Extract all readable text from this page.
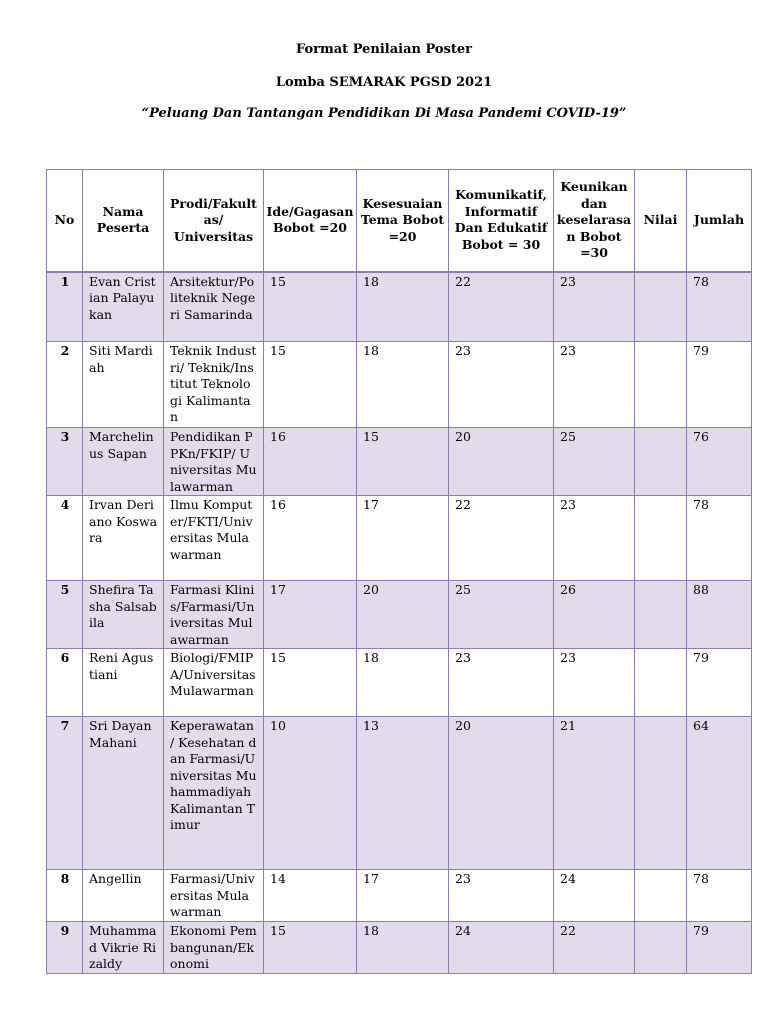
Format Penilaian Poster
Lomba SEMARAK PGSD 2021
“Peluang Dan Tantangan Pendidikan Di Masa Pandemi COVID-19”
No	Nama Peserta	Prodi/Fakultas/ Universitas	Ide/Gagasan Bobot =20	Kesesuaian Tema Bobot =20	Komunikatif, Informatif Dan Edukatif Bobot = 30	Keunikan dan keselarasan Bobot =30	Nilai	Jumlah
1	Evan Cristian Palayukan	Arsitektur/Politeknik Negeri Samarinda	15	18	22	23		78
2	Siti Mardiah	Teknik Industri/ Teknik/Institut Teknologi Kalimantan	15	18	23	23		79
3	Marchelinus Sapan	Pendidikan PPKn/FKIP/ Universitas Mulawarman	16	15	20	25		76
4	Irvan Deriano Koswara	Ilmu Komputer/FKTI/Universitas Mulawarman	16	17	22	23		78
5	Shefira Tasha Salsabila	Farmasi Klinis/Farmasi/Universitas Mulawarman	17	20	25	26		88
6	Reni Agustiani	Biologi/FMIPA/Universitas Mulawarman	15	18	23	23		79
7	Sri Dayan Mahani	Keperawatan / Kesehatan dan Farmasi/Universitas Muhammadiyah Kalimantan Timur	10	13	20	21		64
8	Angellin	Farmasi/Universitas Mulawarman	14	17	23	24		78
9	Muhammad Vikrie Rizaldy	Ekonomi Pembangunan/Ekonomi	15	18	24	22		79
